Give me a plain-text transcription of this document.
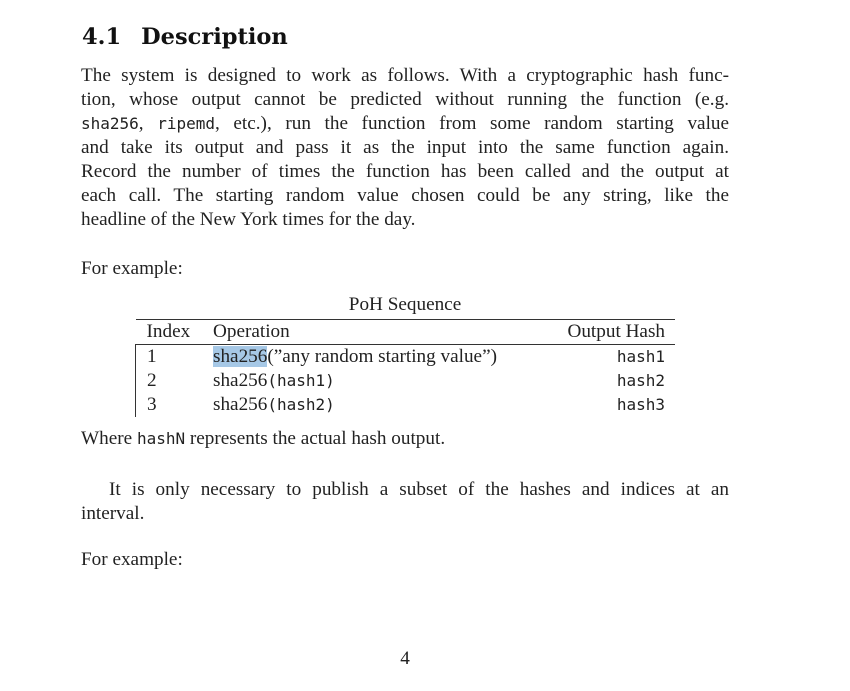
4.1 Description
The system is designed to work as follows. With a cryptographic hash func-
tion, whose output cannot be predicted without running the function (e.g.
sha256, ripemd, etc.), run the function from some random starting value
and take its output and pass it as the input into the same function again.
Record the number of times the function has been called and the output at
each call. The starting random value chosen could be any string, like the
headline of the New York times for the day.
For example:
PoH Sequence
Index	Operation	Output Hash
1	sha256(”any random starting value”)	hash1
2	sha256(hash1)	hash2
3	sha256(hash2)	hash3
Where hashN represents the actual hash output.
It is only necessary to publish a subset of the hashes and indices at an
interval.
For example:
4
